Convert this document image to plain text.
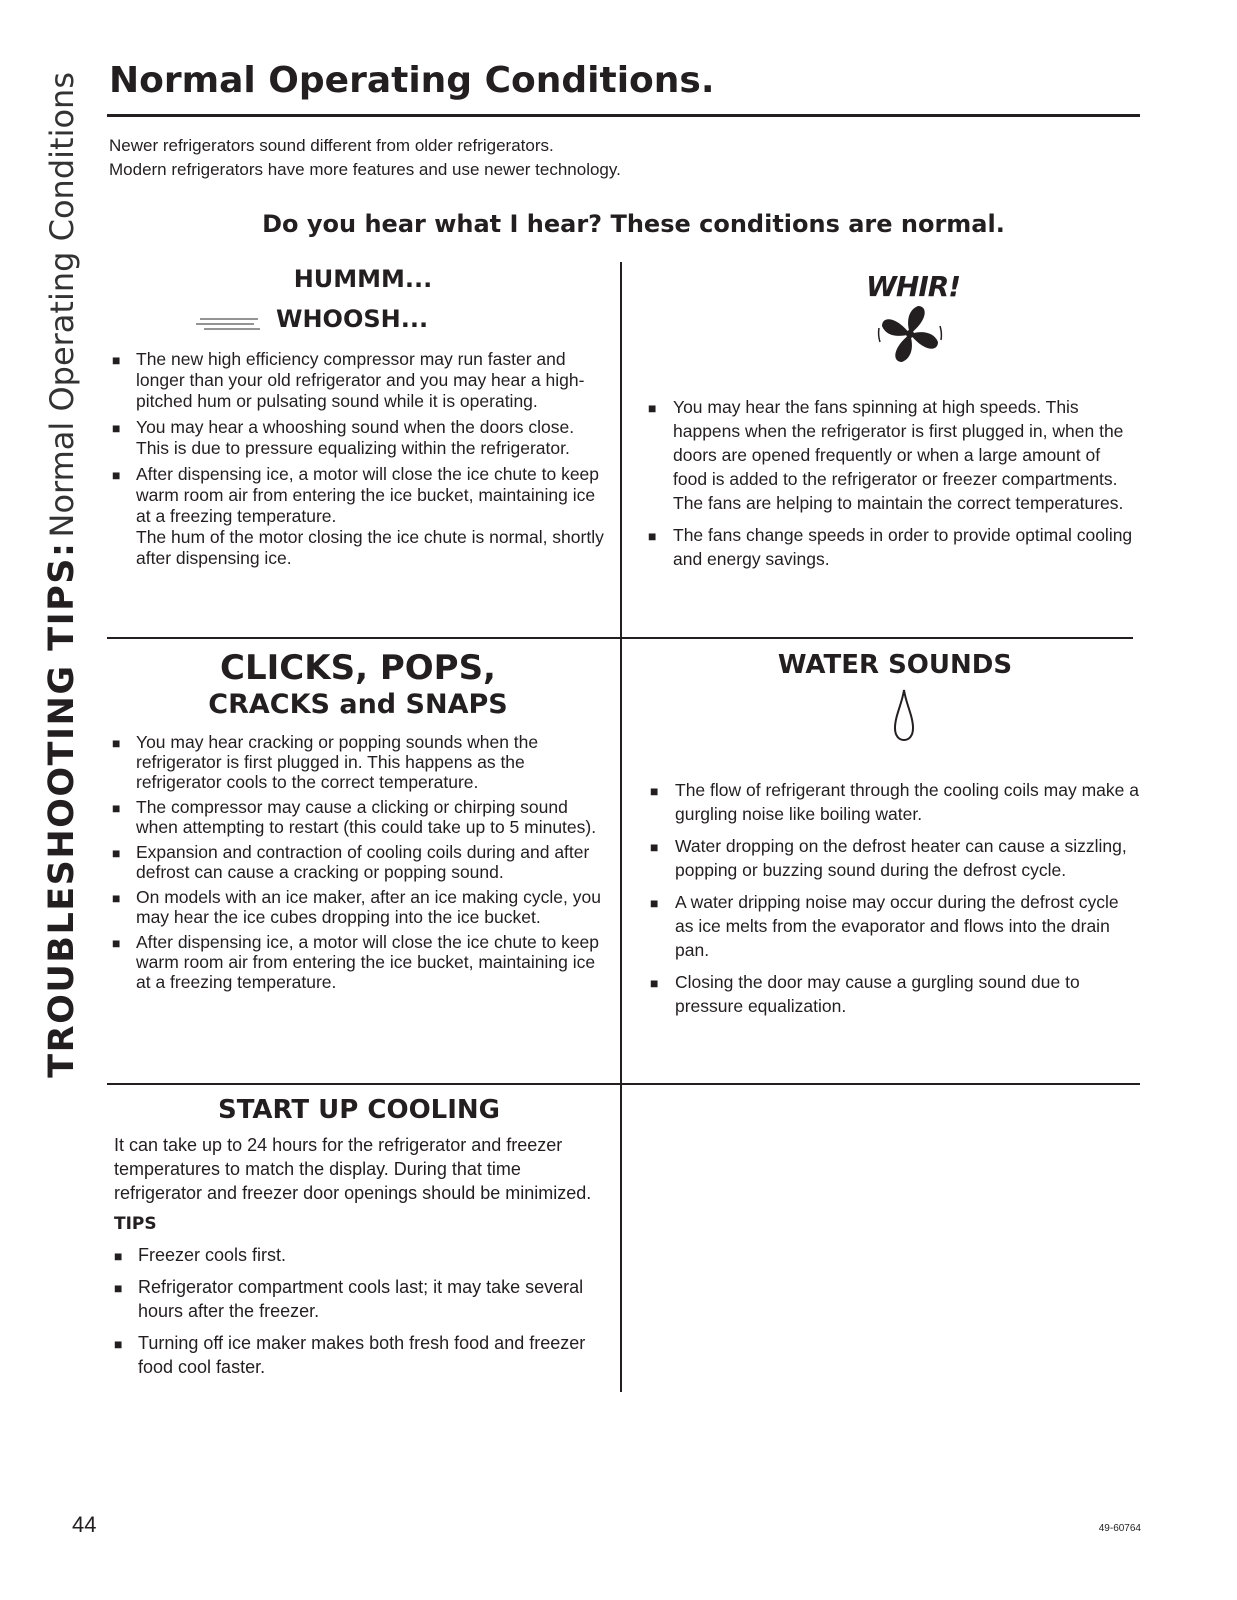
TROUBLESHOOTING TIPS:
Normal Operating Conditions Normal Operating Conditions.
Newer refrigerators sound different from older refrigerators.
Modern refrigerators have more features and use newer technology.
Do you hear what I hear? These conditions are normal.
HUMMM...
WHOOSH...
■ The new high efficiency compressor may run faster and longer than your old refrigerator and you may hear a high-pitched hum or pulsating sound while it is operating.
■ You may hear a whooshing sound when the doors close. This is due to pressure equalizing within the refrigerator.
■ After dispensing ice, a motor will close the ice chute to keep warm room air from entering the ice bucket, maintaining ice at a freezing temperature.
The hum of the motor closing the ice chute is normal, shortly after dispensing ice.
WHIR!
■ You may hear the fans spinning at high speeds. This happens when the refrigerator is first plugged in, when the doors are opened frequently or when a large amount of food is added to the refrigerator or freezer compartments. The fans are helping to maintain the correct temperatures.
■ The fans change speeds in order to provide optimal cooling and energy savings.
CLICKS, POPS,
CRACKS and SNAPS
■ You may hear cracking or popping sounds when the refrigerator is first plugged in. This happens as the refrigerator cools to the correct temperature.
■ The compressor may cause a clicking or chirping sound when attempting to restart (this could take up to 5 minutes).
■ Expansion and contraction of cooling coils during and after defrost can cause a cracking or popping sound.
■ On models with an ice maker, after an ice making cycle, you may hear the ice cubes dropping into the ice bucket.
■ After dispensing ice, a motor will close the ice chute to keep warm room air from entering the ice bucket, maintaining ice at a freezing temperature.
WATER SOUNDS
■ The flow of refrigerant through the cooling coils may make a gurgling noise like boiling water.
■ Water dropping on the defrost heater can cause a sizzling, popping or buzzing sound during the defrost cycle.
■ A water dripping noise may occur during the defrost cycle as ice melts from the evaporator and flows into the drain pan.
■ Closing the door may cause a gurgling sound due to pressure equalization.
START UP COOLING
It can take up to 24 hours for the refrigerator and freezer temperatures to match the display. During that time refrigerator and freezer door openings should be minimized.
TIPS
■ Freezer cools first.
■ Refrigerator compartment cools last; it may take several hours after the freezer.
■ Turning off ice maker makes both fresh food and freezer food cool faster.
44	49-60764
